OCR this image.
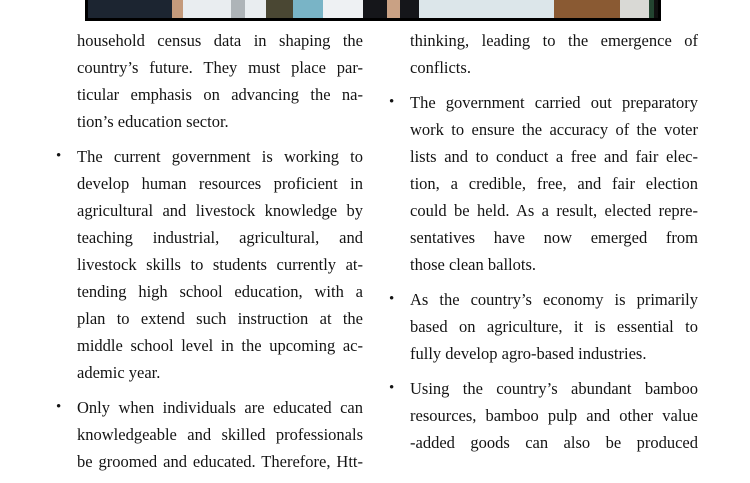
household census data in shaping the
country’s future. They must place par-
ticular emphasis on advancing the na-
tion’s education sector.
• The current government is working to
develop human resources proficient in
agricultural and livestock knowledge by
teaching industrial, agricultural, and
livestock skills to students currently at-
tending high school education, with a
plan to extend such instruction at the
middle school level in the upcoming ac-
ademic year.
• Only when individuals are educated can
knowledgeable and skilled professionals
be groomed and educated. Therefore, Htt-
thinking, leading to the emergence of
conflicts.
• The government carried out preparatory
work to ensure the accuracy of the voter
lists and to conduct a free and fair elec-
tion, a credible, free, and fair election
could be held. As a result, elected repre-
sentatives have now emerged from
those clean ballots.
• As the country’s economy is primarily
based on agriculture, it is essential to
fully develop agro-based industries.
• Using the country’s abundant bamboo
resources, bamboo pulp and other value
-added goods can also be produced
